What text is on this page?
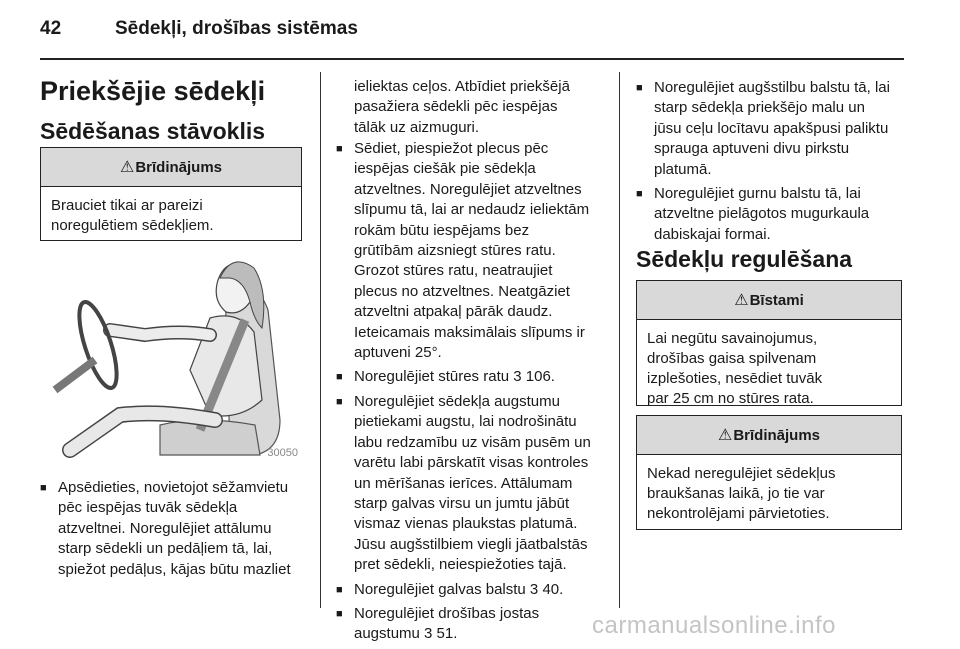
42	Sēdekļi, drošības sistēmas
Priekšējie sēdekļi
Sēdēšanas stāvoklis
⚠ Brīdinājums
Brauciet tikai ar pareizi
noregulētiem sēdekļiem.
30050
■ Apsēdieties, novietojot sēžamvietu
pēc iespējas tuvāk sēdekļa
atzveltnei. Noregulējiet attālumu
starp sēdekli un pedāļiem tā, lai,
spiežot pedāļus, kājas būtu mazliet
ieliektas ceļos. Atbīdiet priekšējā
pasažiera sēdekli pēc iespējas
tālāk uz aizmuguri.
■ Sēdiet, piespiežot plecus pēc
iespējas ciešāk pie sēdekļa
atzveltnes. Noregulējiet atzveltnes
slīpumu tā, lai ar nedaudz ieliektām
rokām būtu iespējams bez
grūtībām aizsniegt stūres ratu.
Grozot stūres ratu, neatraujiet
plecus no atzveltnes. Neatgāziet
atzveltni atpakaļ pārāk daudz.
Ieteicamais maksimālais slīpums ir
aptuveni 25°.
■ Noregulējiet stūres ratu 3 106.
■ Noregulējiet sēdekļa augstumu
pietiekami augstu, lai nodrošinātu
labu redzamību uz visām pusēm un
varētu labi pārskatīt visas kontroles
un mērīšanas ierīces. Attālumam
starp galvas virsu un jumtu jābūt
vismaz vienas plaukstas platumā.
Jūsu augšstilbiem viegli jāatbalstās
pret sēdekli, neiespiežoties tajā.
■ Noregulējiet galvas balstu 3 40.
■ Noregulējiet drošības jostas
augstumu 3 51.
■ Noregulējiet augšstilbu balstu tā, lai
starp sēdekļa priekšējo malu un
jūsu ceļu locītavu apakšpusi paliktu
sprauga aptuveni divu pirkstu
platumā.
■ Noregulējiet gurnu balstu tā, lai
atzveltne pielāgotos mugurkaula
dabiskajai formai.
Sēdekļu regulēšana
⚠ Bīstami
Lai negūtu savainojumus,
drošības gaisa spilvenam
izplešoties, nesēdiet tuvāk
par 25 cm no stūres rata.
⚠ Brīdinājums
Nekad neregulējiet sēdekļus
braukšanas laikā, jo tie var
nekontrolējami pārvietoties.
carmanualsonline.info
